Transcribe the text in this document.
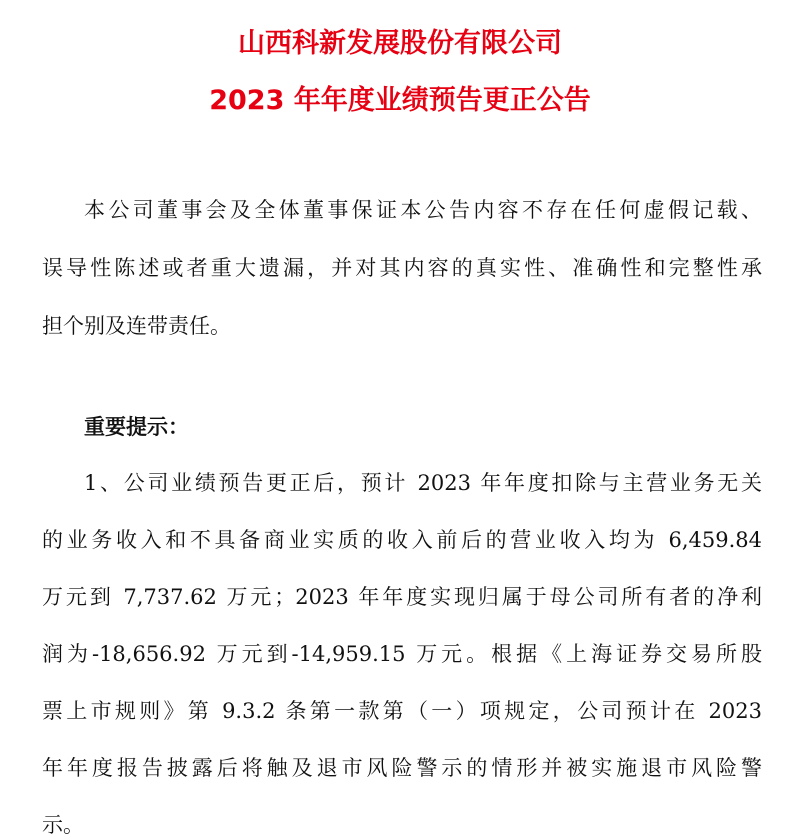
山西科新发展股份有限公司
2023 年年度业绩预告更正公告

本公司董事会及全体董事保证本公告内容不存在任何虚假记载、

误导性陈述或者重大遗漏，并对其内容的真实性、准确性和完整性承

担个别及连带责任。

重要提示：

1、公司业绩预告更正后，预计 2023 年年度扣除与主营业务无关

的业务收入和不具备商业实质的收入前后的营业收入均为 6,459.84

万元到 7,737.62 万元；2023 年年度实现归属于母公司所有者的净利

润为-18,656.92 万元到-14,959.15 万元。根据《上海证券交易所股

票上市规则》第 9.3.2 条第一款第（一）项规定，公司预计在 2023

年年度报告披露后将触及退市风险警示的情形并被实施退市风险警

示。
